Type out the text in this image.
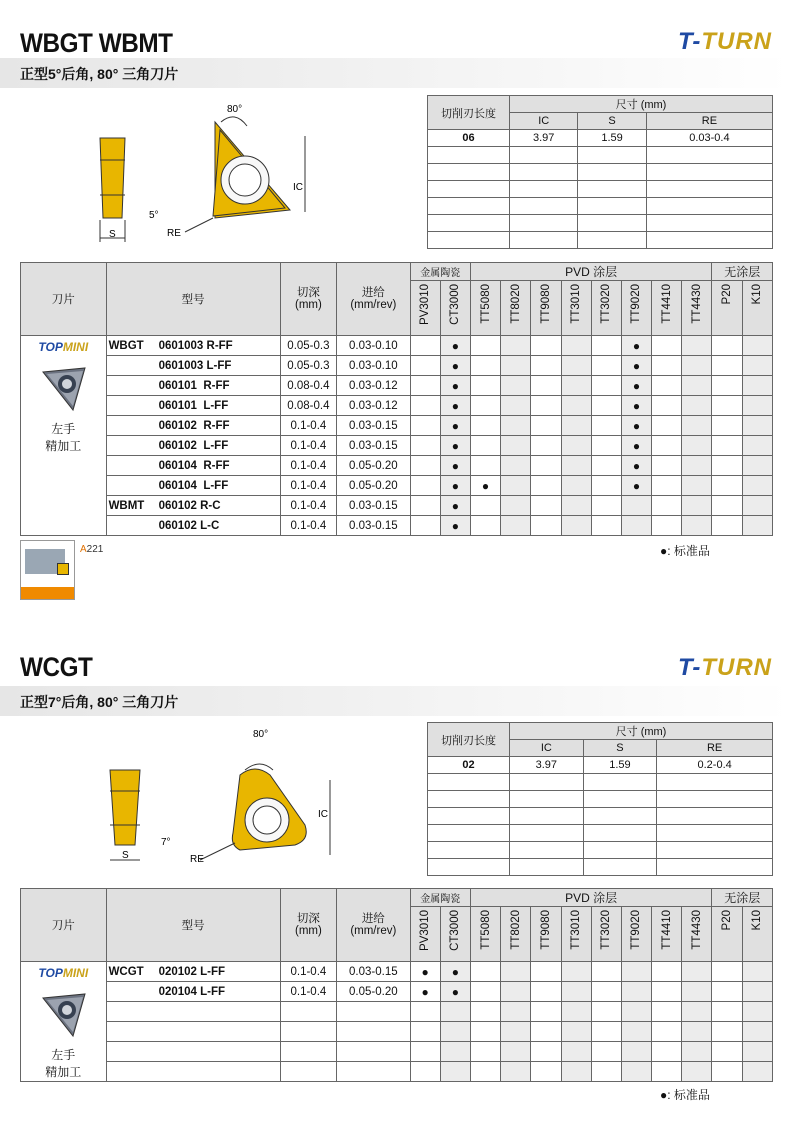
WBGT WBMT	T-TURN
正型5°后角, 80° 三角刀片
80°
5°
S	RE
IC
切削刃长度	尺寸 (mm)		
	IC	S	RE
06	3.97	1.59	0.03-0.4

刀片	型号	切深
(mm)	进给
(mm/rev)	金属陶瓷		PVD 涂层								无涂层	
				PV3010	CT3000	TT5080	TT8020	TT9080	TT3010	TT3020	TT9020	TT4410	TT4430	P20	K10

TOPMINI
左手
精加工	WBGT 0601003 R-FF	0.05-0.3	0.03-0.10		●						●				
	0601003 L-FF	0.05-0.3	0.03-0.10		●						●				
	060101  R-FF	0.08-0.4	0.03-0.12		●						●				
	060101  L-FF	0.08-0.4	0.03-0.12		●						●				
	060102  R-FF	0.1-0.4	0.03-0.15		●						●				
	060102  L-FF	0.1-0.4	0.03-0.15		●						●				
	060104  R-FF	0.1-0.4	0.05-0.20		●						●				
	060104  L-FF	0.1-0.4	0.05-0.20		●	●					●				
	WBMT 060102 R-C	0.1-0.4	0.03-0.15		●										
	060102 L-C	0.1-0.4	0.03-0.15		●										
A221	●: 标准品
WCGT	T-TURN
正型7°后角, 80° 三角刀片
80°
7°
S	RE
IC
切削刃长度	尺寸 (mm)		
	IC	S	RE
02	3.97	1.59	0.2-0.4

刀片	型号	切深
(mm)	进给
(mm/rev)	金属陶瓷		PVD 涂层								无涂层	
				PV3010	CT3000	TT5080	TT8020	TT9080	TT3010	TT3020	TT9020	TT4410	TT4430	P20	K10

TOPMINI
左手
精加工	WCGT 020102 L-FF	0.1-0.4	0.03-0.15	●	●										
	020104 L-FF	0.1-0.4	0.05-0.20	●	●										

●: 标准品
